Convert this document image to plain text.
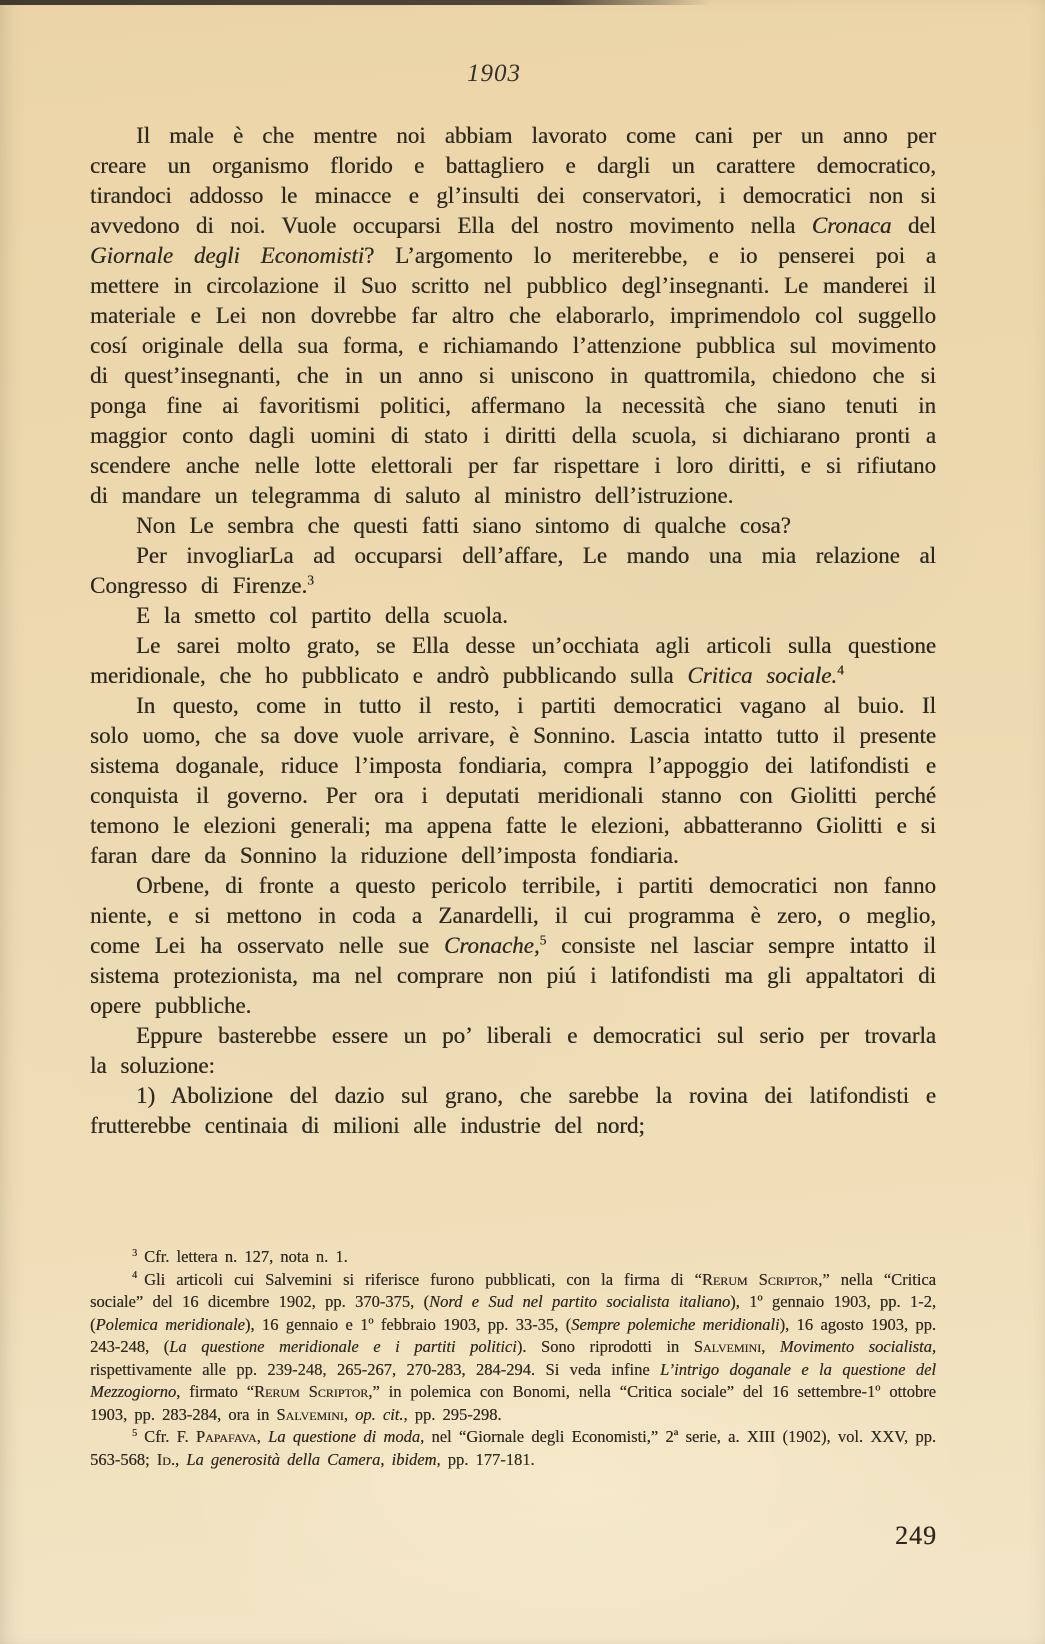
1903

Il male è che mentre noi abbiam lavorato come cani per un anno per creare un organismo florido e battagliero e dargli un carattere democratico, tirandoci addosso le minacce e gl’insulti dei conservatori, i democratici non si avvedono di noi. Vuole occuparsi Ella del nostro movimento nella Cronaca del Giornale degli Economisti? L’argomento lo meriterebbe, e io penserei poi a mettere in circolazione il Suo scritto nel pubblico degl’insegnanti. Le manderei il materiale e Lei non dovrebbe far altro che elaborarlo, imprimendolo col suggello cosí originale della sua forma, e richiamando l’attenzione pubblica sul movimento di quest’insegnanti, che in un anno si uniscono in quattromila, chiedono che si ponga fine ai favoritismi politici, affermano la necessità che siano tenuti in maggior conto dagli uomini di stato i diritti della scuola, si dichiarano pronti a scendere anche nelle lotte elettorali per far rispettare i loro diritti, e si rifiutano di mandare un telegramma di saluto al ministro dell’istruzione.

Non Le sembra che questi fatti siano sintomo di qualche cosa?

Per invogliarLa ad occuparsi dell’affare, Le mando una mia relazione al Congresso di Firenze.$^3$

E la smetto col partito della scuola.

Le sarei molto grato, se Ella desse un’occhiata agli articoli sulla questione meridionale, che ho pubblicato e andrò pubblicando sulla Critica sociale.$^4$

In questo, come in tutto il resto, i partiti democratici vagano al buio. Il solo uomo, che sa dove vuole arrivare, è Sonnino. Lascia intatto tutto il presente sistema doganale, riduce l’imposta fondiaria, compra l’appoggio dei latifondisti e conquista il governo. Per ora i deputati meridionali stanno con Giolitti perché temono le elezioni generali; ma appena fatte le elezioni, abbatteranno Giolitti e si faran dare da Sonnino la riduzione dell’imposta fondiaria.

Orbene, di fronte a questo pericolo terribile, i partiti democratici non fanno niente, e si mettono in coda a Zanardelli, il cui programma è zero, o meglio, come Lei ha osservato nelle sue Cronache,$^5$ consiste nel lasciar sempre intatto il sistema protezionista, ma nel comprare non piú i latifondisti ma gli appaltatori di opere pubbliche.

Eppure basterebbe essere un po’ liberali e democratici sul serio per trovarla la soluzione:

1) Abolizione del dazio sul grano, che sarebbe la rovina dei latifondisti e frutterebbe centinaia di milioni alle industrie del nord;

$^3$ Cfr. lettera n. 127, nota n. 1.

$^4$ Gli articoli cui Salvemini si riferisce furono pubblicati, con la firma di “Rerum Scriptor,” nella “Critica sociale” del 16 dicembre 1902, pp. 370-375, (Nord e Sud nel partito socialista italiano), 1º gennaio 1903, pp. 1-2, (Polemica meridionale), 16 gennaio e 1º febbraio 1903, pp. 33-35, (Sempre polemiche meridionali), 16 agosto 1903, pp. 243-248, (La questione meridionale e i partiti politici). Sono riprodotti in Salvemini, Movimento socialista, rispettivamente alle pp. 239-248, 265-267, 270-283, 284-294. Si veda infine L’intrigo doganale e la questione del Mezzogiorno, firmato “Rerum Scriptor,” in polemica con Bonomi, nella “Critica sociale” del 16 settembre-1º ottobre 1903, pp. 283-284, ora in Salvemini, op. cit., pp. 295-298.

$^5$ Cfr. F. Papafava, La questione di moda, nel “Giornale degli Economisti,” 2ª serie, a. XIII (1902), vol. XXV, pp. 563-568; Id., La generosità della Camera, ibidem, pp. 177-181.

249
